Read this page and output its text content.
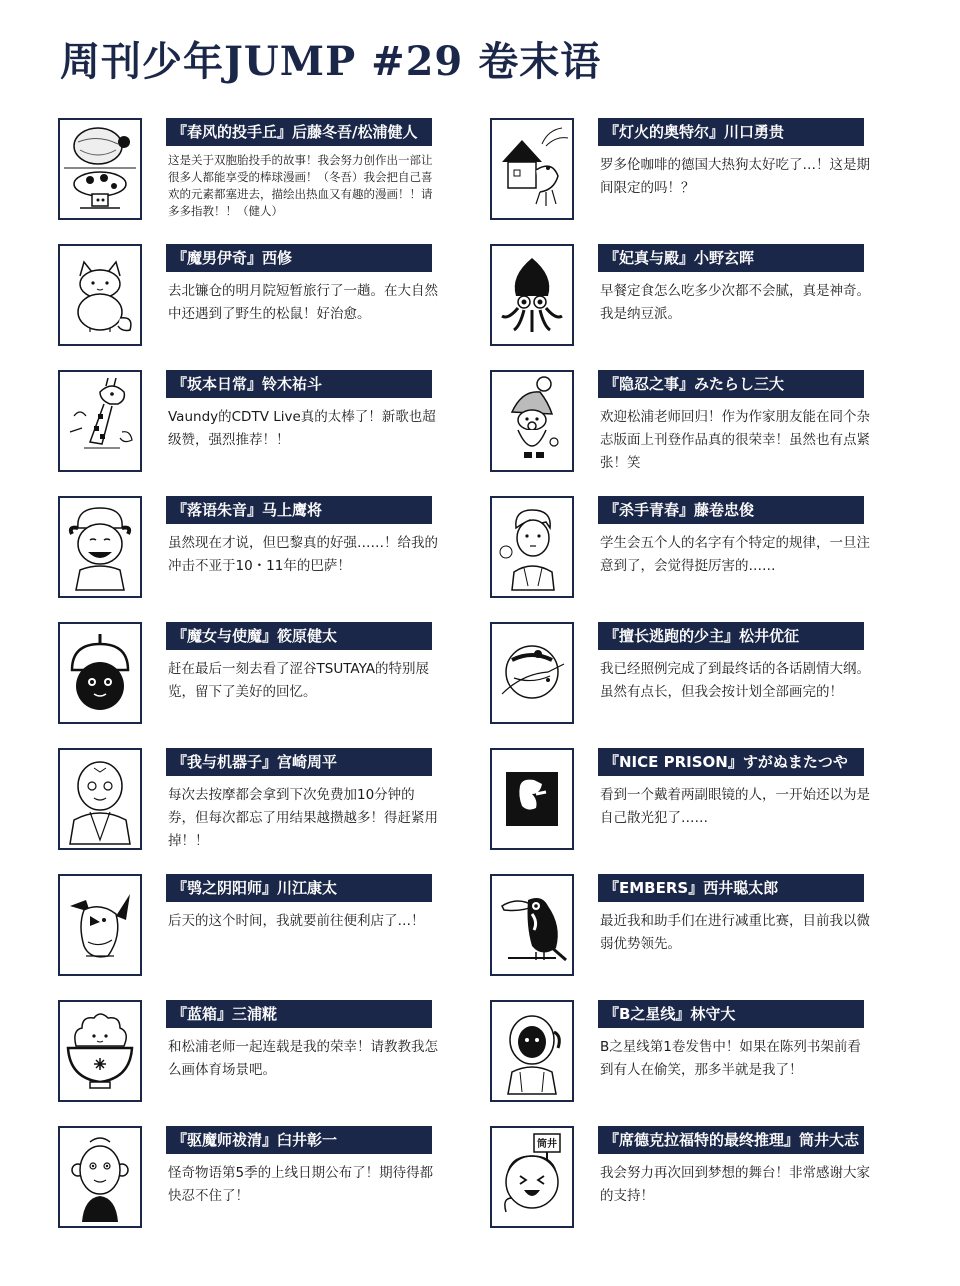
周刊少年JUMP #29 卷末语
『春风的投手丘』后藤冬吾/松浦健人
这是关于双胞胎投手的故事！我会努力创作出一部让很多人都能享受的棒球漫画！（冬吾）我会把自己喜欢的元素都塞进去，描绘出热血又有趣的漫画！！请多多指教！！（健人）
『灯火的奥特尔』川口勇贵
罗多伦咖啡的德国大热狗太好吃了…！这是期间限定的吗！？
『魔男伊奇』西修
去北镰仓的明月院短暂旅行了一趟。在大自然中还遇到了野生的松鼠！好治愈。
『妃真与殿』小野玄晖
早餐定食怎么吃多少次都不会腻，真是神奇。我是纳豆派。
『坂本日常』铃木祐斗
Vaundy的CDTV Live真的太棒了！新歌也超级赞，强烈推荐！！
『隐忍之事』みたらし三大
欢迎松浦老师回归！作为作家朋友能在同个杂志版面上刊登作品真的很荣幸！虽然也有点紧张！笑
『落语朱音』马上鹰将
虽然现在才说，但巴黎真的好强……！给我的冲击不亚于10・11年的巴萨！
『杀手青春』藤卷忠俊
学生会五个人的名字有个特定的规律，一旦注意到了，会觉得挺厉害的……
『魔女与使魔』筱原健太
赶在最后一刻去看了涩谷TSUTAYA的特别展览，留下了美好的回忆。
『擅长逃跑的少主』松井优征
我已经照例完成了到最终话的各话剧情大纲。虽然有点长，但我会按计划全部画完的！
『我与机器子』宫崎周平
每次去按摩都会拿到下次免费加10分钟的券，但每次都忘了用结果越攒越多！得赶紧用掉！！
『NICE PRISON』すがぬまたつや
看到一个戴着两副眼镜的人，一开始还以为是自己散光犯了……
『鸮之阴阳师』川江康太
后天的这个时间，我就要前往便利店了…！
『EMBERS』西井聪太郎
最近我和助手们在进行减重比赛，目前我以微弱优势领先。
『蓝箱』三浦糀
和松浦老师一起连载是我的荣幸！请教教我怎么画体育场景吧。
『B之星线』林守大
B之星线第1卷发售中！如果在陈列书架前看到有人在偷笑，那多半就是我了！
『驱魔师祓清』臼井彰一
怪奇物语第5季的上线日期公布了！期待得都快忍不住了！
筒井	『席德克拉福特的最终推理』筒井大志
我会努力再次回到梦想的舞台！非常感谢大家的支持！
